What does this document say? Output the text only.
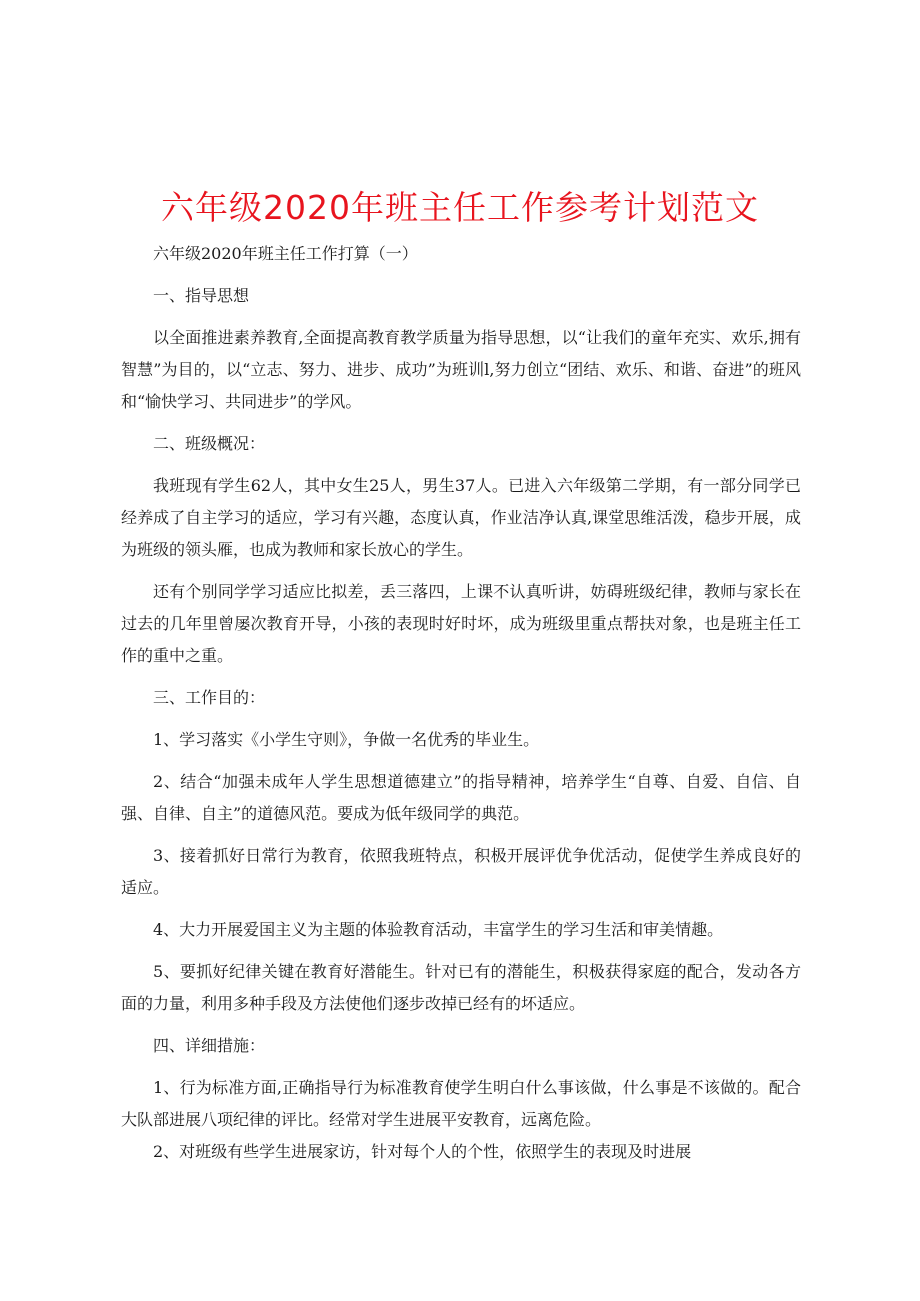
六年级2020年班主任工作参考计划范文

六年级2020年班主任工作打算（一）

一、指导思想

以全面推进素养教育,全面提高教育教学质量为指导思想，以“让我们的童年充实、欢乐,拥有智慧”为目的，以“立志、努力、进步、成功”为班训l,努力创立“团结、欢乐、和谐、奋进”的班风和“愉快学习、共同进步”的学风。

二、班级概况：

我班现有学生62人，其中女生25人，男生37人。已进入六年级第二学期，有一部分同学已经养成了自主学习的适应，学习有兴趣，态度认真，作业洁净认真,课堂思维活泼，稳步开展，成为班级的领头雁，也成为教师和家长放心的学生。

还有个别同学学习适应比拟差，丢三落四，上课不认真听讲，妨碍班级纪律，教师与家长在过去的几年里曾屡次教育开导，小孩的表现时好时坏，成为班级里重点帮扶对象，也是班主任工作的重中之重。

三、工作目的：

1、学习落实《小学生守则》，争做一名优秀的毕业生。

2、结合“加强未成年人学生思想道德建立”的指导精神，培养学生“自尊、自爱、自信、自强、自律、自主”的道德风范。要成为低年级同学的典范。

3、接着抓好日常行为教育，依照我班特点，积极开展评优争优活动，促使学生养成良好的适应。

4、大力开展爱国主义为主题的体验教育活动，丰富学生的学习生活和审美情趣。

5、要抓好纪律关键在教育好潜能生。针对已有的潜能生，积极获得家庭的配合，发动各方面的力量，利用多种手段及方法使他们逐步改掉已经有的坏适应。

四、详细措施：

1、行为标准方面,正确指导行为标准教育使学生明白什么事该做，什么事是不该做的。配合大队部进展八项纪律的评比。经常对学生进展平安教育，远离危险。

2、对班级有些学生进展家访，针对每个人的个性，依照学生的表现及时进展
